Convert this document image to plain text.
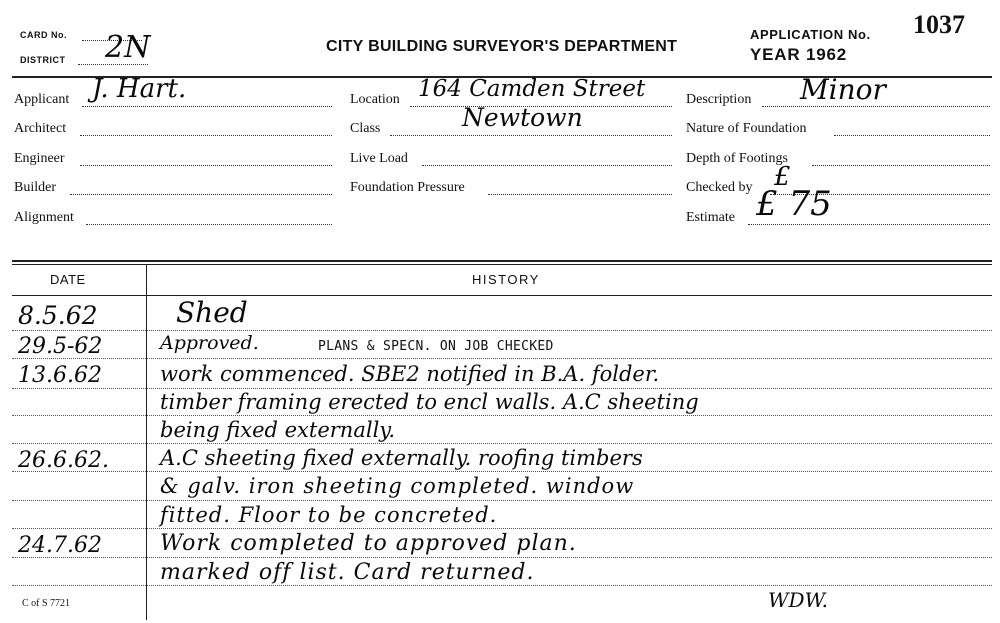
CARD No.
DISTRICT 2N	CITY BUILDING SURVEYOR'S DEPARTMENT
APPLICATION No.
YEAR 1962
1037
Applicant J. Hart.
Architect
Engineer
Builder
Alignment
Location 164 Camden Street
Class	Newtown
Live Load
Foundation Pressure
Description Minor
Nature of Foundation
Depth of Footings
Checked by £
Estimate £ 75
DATE	HISTORY
8.5.62	Shed
29.5-62	Approved.	PLANS & SPECN. ON JOB CHECKED
13.6.62	work commenced. SBE2 notified in B.A. folder.
timber framing erected to encl walls. A.C sheeting
being fixed externally.
26.6.62. A.C sheeting fixed externally. roofing timbers
& galv. iron sheeting completed. window
fitted. Floor to be concreted.
24.7.62	Work completed to approved plan.
marked off list. Card returned.
WDW.
C of S 7721
